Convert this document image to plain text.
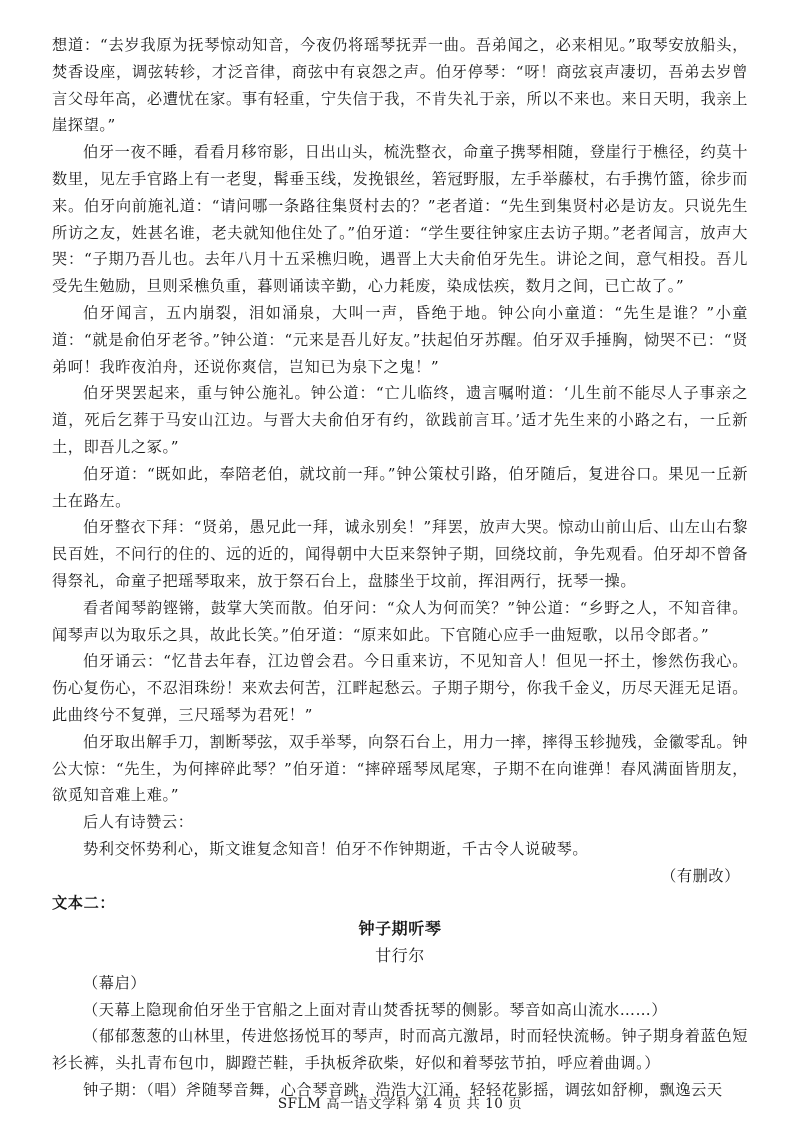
想道：“去岁我原为抚琴惊动知音，今夜仍将瑶琴抚弄一曲。吾弟闻之，必来相见。”取琴安放船头，焚香设座，调弦转轸，才泛音律，商弦中有哀怨之声。伯牙停琴：“呀！商弦哀声凄切，吾弟去岁曾言父母年高，必遭忧在家。事有轻重，宁失信于我，不肯失礼于亲，所以不来也。来日天明，我亲上崖探望。”

伯牙一夜不睡，看看月移帘影，日出山头，梳洗整衣，命童子携琴相随，登崖行于樵径，约莫十数里，见左手官路上有一老叟，髯垂玉线，发挽银丝，箬冠野服，左手举藤杖，右手携竹篮，徐步而来。伯牙向前施礼道：“请问哪一条路往集贤村去的？”老者道：“先生到集贤村必是访友。只说先生所访之友，姓甚名谁，老夫就知他住处了。”伯牙道：“学生要往钟家庄去访子期。”老者闻言，放声大哭：“子期乃吾儿也。去年八月十五采樵归晚，遇晋上大夫俞伯牙先生。讲论之间，意气相投。吾儿受先生勉励，旦则采樵负重，暮则诵读辛勤，心力耗废，染成怯疾，数月之间，已亡故了。”

伯牙闻言，五内崩裂，泪如涌泉，大叫一声，昏绝于地。钟公向小童道：“先生是谁？”小童道：“就是俞伯牙老爷。”钟公道：“元来是吾儿好友。”扶起伯牙苏醒。伯牙双手捶胸，恸哭不已：“贤弟呵！我昨夜泊舟，还说你爽信，岂知已为泉下之鬼！”

伯牙哭罢起来，重与钟公施礼。钟公道：“亡儿临终，遗言嘱咐道：‘儿生前不能尽人子事亲之道，死后乞葬于马安山江边。与晋大夫俞伯牙有约，欲践前言耳。’适才先生来的小路之右，一丘新土，即吾儿之冢。”

伯牙道：“既如此，奉陪老伯，就坟前一拜。”钟公策杖引路，伯牙随后，复进谷口。果见一丘新土在路左。

伯牙整衣下拜：“贤弟，愚兄此一拜，诚永别矣！”拜罢，放声大哭。惊动山前山后、山左山右黎民百姓，不问行的住的、远的近的，闻得朝中大臣来祭钟子期，回绕坟前，争先观看。伯牙却不曾备得祭礼，命童子把瑶琴取来，放于祭石台上，盘膝坐于坟前，挥泪两行，抚琴一操。

看者闻琴韵铿锵，鼓掌大笑而散。伯牙问：“众人为何而笑？”钟公道：“乡野之人，不知音律。闻琴声以为取乐之具，故此长笑。”伯牙道：“原来如此。下官随心应手一曲短歌，以吊令郎者。”

伯牙诵云：“忆昔去年春，江边曾会君。今日重来访，不见知音人！但见一抔土，惨然伤我心。伤心复伤心，不忍泪珠纷！来欢去何苦，江畔起愁云。子期子期兮，你我千金义，历尽天涯无足语。此曲终兮不复弹，三尺瑶琴为君死！”

伯牙取出解手刀，割断琴弦，双手举琴，向祭石台上，用力一摔，摔得玉轸抛残，金徽零乱。钟公大惊：“先生，为何摔碎此琴？”伯牙道：“摔碎瑶琴凤尾寒，子期不在向谁弹！春风满面皆朋友，欲觅知音难上难。”

后人有诗赞云：

势利交怀势利心，斯文谁复念知音！伯牙不作钟期逝，千古令人说破琴。

（有删改）

文本二：

钟子期听琴

甘行尔

（幕启）

（天幕上隐现俞伯牙坐于官船之上面对青山焚香抚琴的侧影。琴音如高山流水……）

（郁郁葱葱的山林里，传进悠扬悦耳的琴声，时而高亢激昂，时而轻快流畅。钟子期身着蓝色短衫长裤，头扎青布包巾，脚蹬芒鞋，手执板斧砍柴，好似和着琴弦节拍，呼应着曲调。）

钟子期：（唱）斧随琴音舞，心合琴音跳，浩浩大江涌，轻轻花影摇，调弦如舒柳，飘逸云天

SFLM 高一语文学科 第 4 页 共 10 页
